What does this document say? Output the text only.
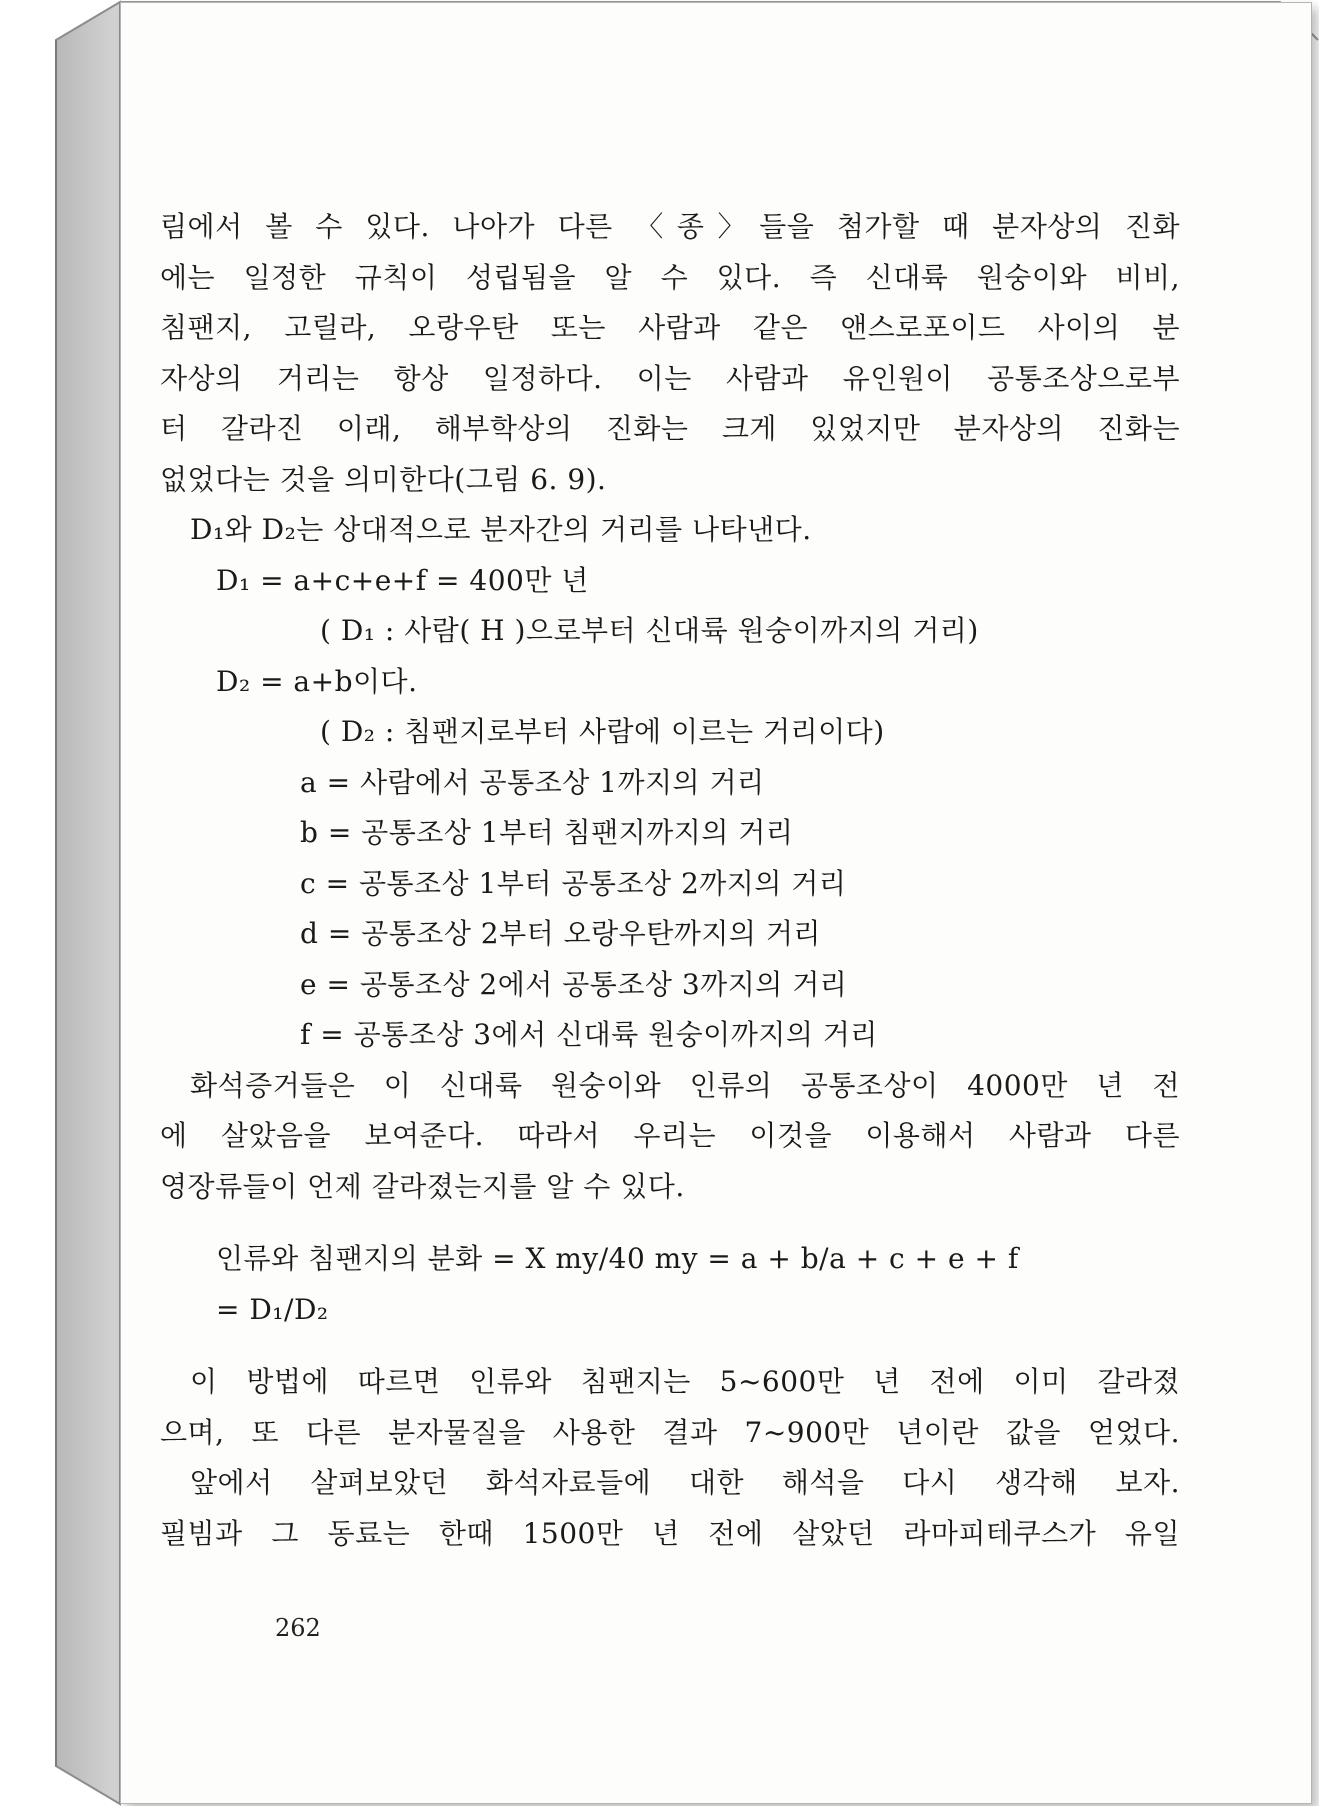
림에서 볼 수 있다. 나아가 다른 〈종〉들을 첨가할 때 분자상의 진화
에는 일정한 규칙이 성립됨을 알 수 있다. 즉 신대륙 원숭이와 비비,
침팬지, 고릴라, 오랑우탄 또는 사람과 같은 앤스로포이드 사이의 분
자상의 거리는 항상 일정하다. 이는 사람과 유인원이 공통조상으로부
터 갈라진 이래, 해부학상의 진화는 크게 있었지만 분자상의 진화는
없었다는 것을 의미한다(그림 6. 9).
D₁와 D₂는 상대적으로 분자간의 거리를 나타낸다.
D₁ = a+c+e+f = 400만 년
( D₁ : 사람( H )으로부터 신대륙 원숭이까지의 거리)
D₂ = a+b이다.
( D₂ : 침팬지로부터 사람에 이르는 거리이다)
a = 사람에서 공통조상 1까지의 거리
b = 공통조상 1부터 침팬지까지의 거리
c = 공통조상 1부터 공통조상 2까지의 거리
d = 공통조상 2부터 오랑우탄까지의 거리
e = 공통조상 2에서 공통조상 3까지의 거리
f = 공통조상 3에서 신대륙 원숭이까지의 거리
화석증거들은 이 신대륙 원숭이와 인류의 공통조상이 4000만 년 전
에 살았음을 보여준다. 따라서 우리는 이것을 이용해서 사람과 다른
영장류들이 언제 갈라졌는지를 알 수 있다.
인류와 침팬지의 분화 = X my/40 my = a + b/a + c + e + f
= D₁/D₂
이 방법에 따르면 인류와 침팬지는 5~600만 년 전에 이미 갈라졌
으며, 또 다른 분자물질을 사용한 결과 7~900만 년이란 값을 얻었다.
앞에서 살펴보았던 화석자료들에 대한 해석을 다시 생각해 보자.
필빔과 그 동료는 한때 1500만 년 전에 살았던 라마피테쿠스가 유일
262
